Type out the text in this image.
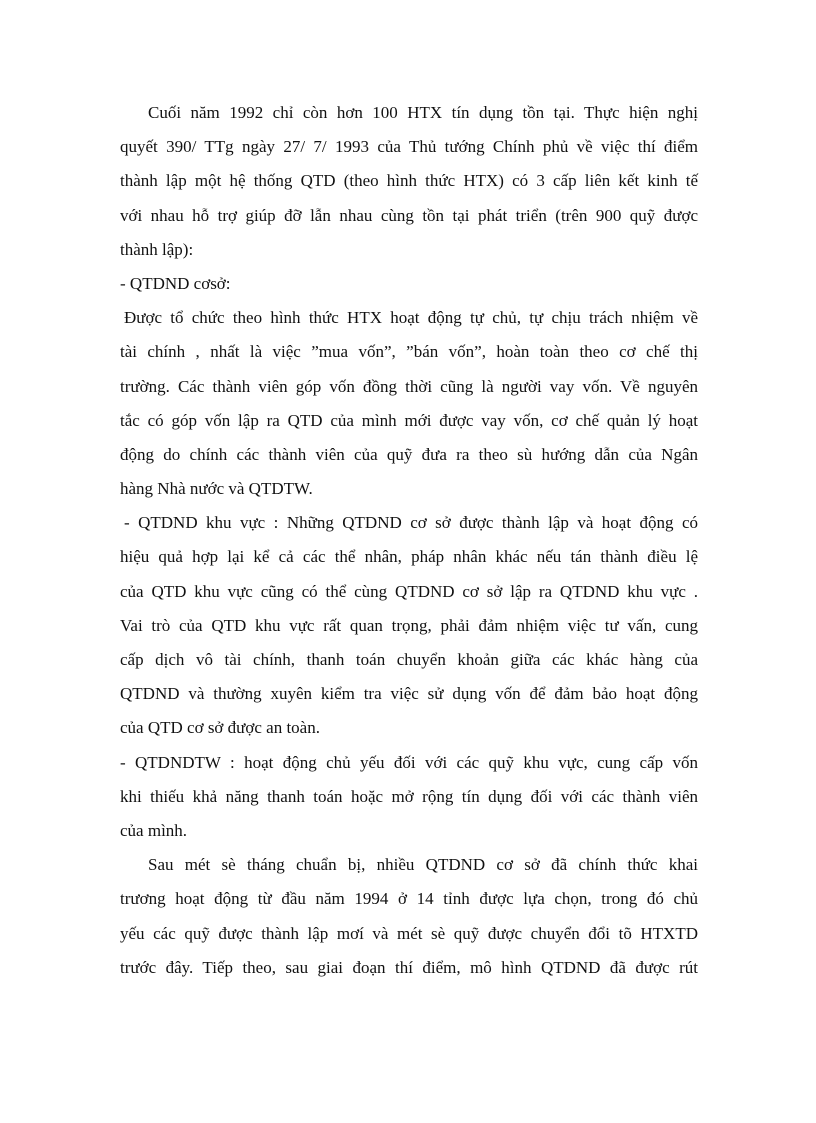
Cuối năm 1992 chỉ còn hơn 100 HTX tín dụng tồn tại. Thực hiện nghị
quyết 390/ TTg ngày 27/ 7/ 1993 của Thủ tướng Chính phủ về việc thí điểm
thành lập một hệ thống QTD (theo hình thức HTX) có 3 cấp liên kết kinh tế
với nhau hỗ trợ giúp đỡ lẫn nhau cùng tồn tại phát triển (trên 900 quỹ được
thành lập):
- QTDND cơsở:
Được tổ chức theo hình thức HTX hoạt động tự chủ, tự chịu trách nhiệm về
tài chính , nhất là việc ”mua vốn”, ”bán vốn”, hoàn toàn theo cơ chế thị
trường. Các thành viên góp vốn đồng thời cũng là người vay vốn. Về nguyên
tắc có góp vốn lập ra QTD của mình mới được vay vốn, cơ chế quản lý hoạt
động do chính các thành viên của quỹ đưa ra theo sù hướng dẫn của Ngân
hàng Nhà nước và QTDTW.
- QTDND khu vực : Những QTDND cơ sở được thành lập và hoạt động có
hiệu quả hợp lại kể cả các thể nhân, pháp nhân khác nếu tán thành điều lệ
của QTD khu vực cũng có thể cùng QTDND cơ sở lập ra QTDND khu vực .
Vai trò của QTD khu vực rất quan trọng, phải đảm nhiệm việc tư vấn, cung
cấp dịch vô tài chính, thanh toán chuyển khoản giữa các khác hàng của
QTDND và thường xuyên kiểm tra việc sử dụng vốn để đảm bảo hoạt động
của QTD cơ sở được an toàn.
- QTDNDTW : hoạt động chủ yếu đối với các quỹ khu vực, cung cấp vốn
khi thiếu khả năng thanh toán hoặc mở rộng tín dụng đối với các thành viên
của mình.
Sau mét sè tháng chuẩn bị, nhiều QTDND cơ sở đã chính thức khai
trương hoạt động từ đầu năm 1994 ở 14 tỉnh được lựa chọn, trong đó chủ
yếu các quỹ được thành lập mơí và mét sè quỹ được chuyển đổi tõ HTXTD
trước đây. Tiếp theo, sau giai đoạn thí điểm, mô hình QTDND đã được rút
